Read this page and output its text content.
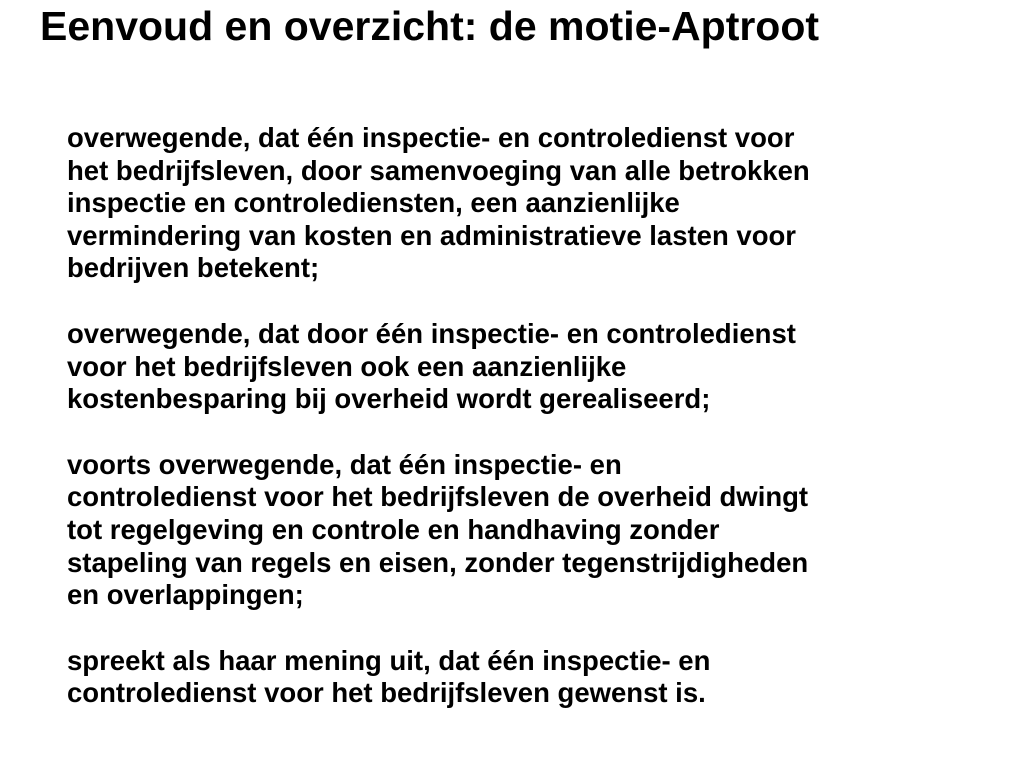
Eenvoud en overzicht: de motie-Aptroot

overwegende, dat één inspectie- en controledienst voor
het bedrijfsleven, door samenvoeging van alle betrokken
inspectie en controlediensten, een aanzienlijke
vermindering van kosten en administratieve lasten voor
bedrijven betekent;

overwegende, dat door één inspectie- en controledienst
voor het bedrijfsleven ook een aanzienlijke
kostenbesparing bij overheid wordt gerealiseerd;

voorts overwegende, dat één inspectie- en
controledienst voor het bedrijfsleven de overheid dwingt
tot regelgeving en controle en handhaving zonder
stapeling van regels en eisen, zonder tegenstrijdigheden
en overlappingen;

spreekt als haar mening uit, dat één inspectie- en
controledienst voor het bedrijfsleven gewenst is.
